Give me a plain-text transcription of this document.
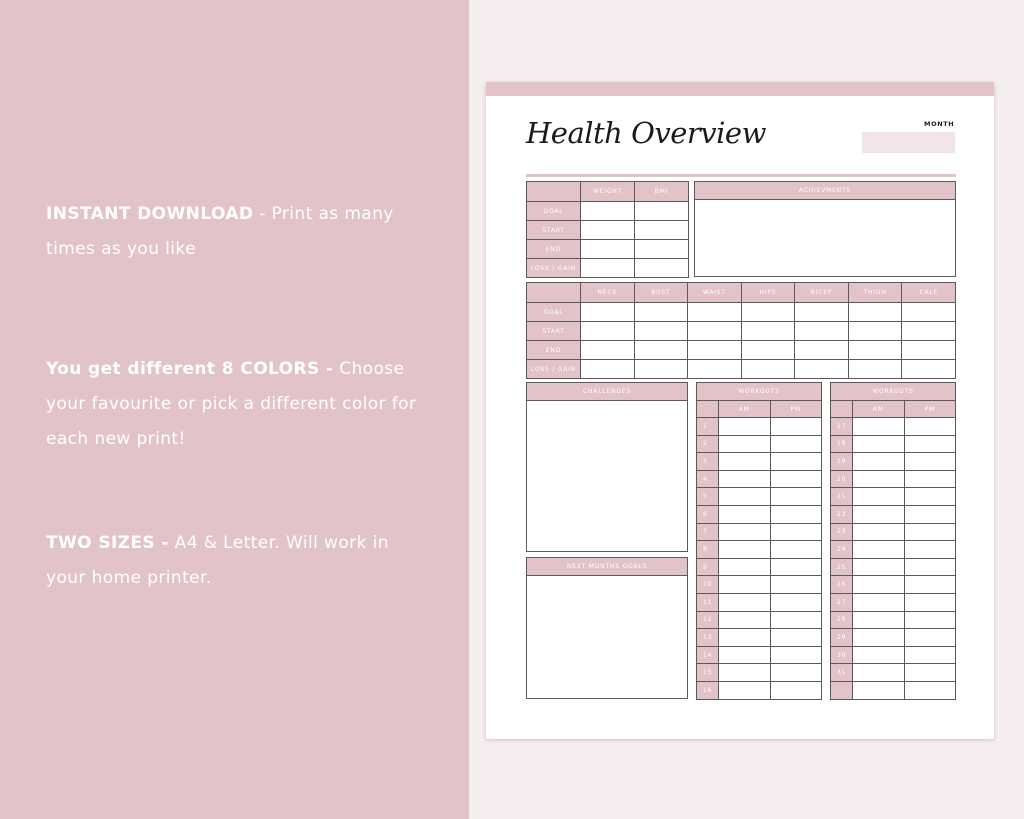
INSTANT DOWNLOAD - Print as many times as you like
You get different 8 COLORS - Choose your favourite or pick a different color for each new print!
TWO SIZES - A4 & Letter. Will work in your home printer.
Health Overview	MONTH
	WEIGHT	BMI
GOAL		
START		
END		
LOSS / GAIN		
ACHIEVMENTS
	NECK	BUST	WAIST	HIPS	BICEP	THIGH	CALF
GOAL							
START							
END							
LOSS / GAIN							
CHALLENGES
NEXT MONTHS GOALS
WORKOUTS		
	AM	PM
1		
2		
3		
4		
5		
6		
7		
8		
9		
10		
11		
12		
13		
14		
15		
16		
WORKOUTS		
	AM	PM
17		
18		
19		
20		
21		
22		
23		
24		
25		
26		
27		
28		
29		
30		
31		
